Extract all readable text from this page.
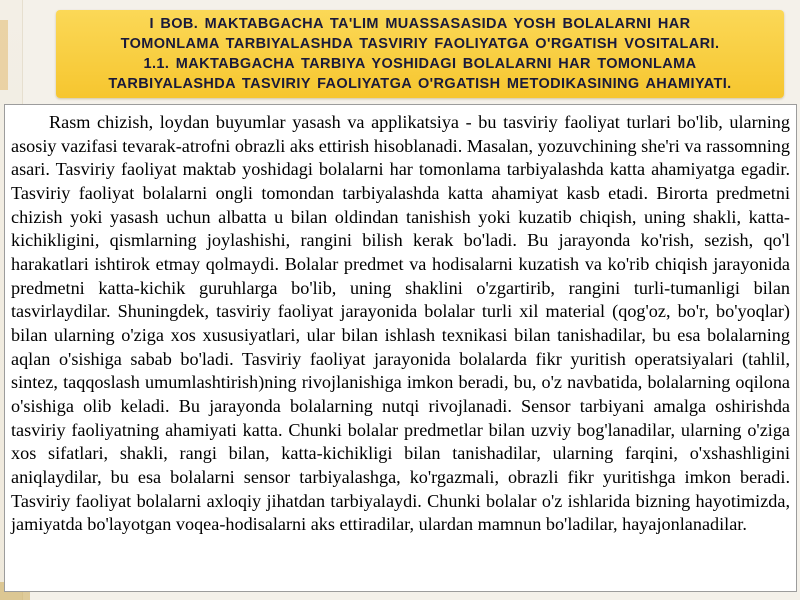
I BOB. MAKTABGACHA TA'LIM MUASSASASIDA YOSH BOLALARNI HAR
TOMONLAMA TARBIYALASHDA TASVIRIY FAOLIYATGA O'RGATISH VOSITALARI.
1.1. MAKTABGACHA TARBIYA YOSHIDAGI BOLALARNI HAR TOMONLAMA
TARBIYALASHDA TASVIRIY FAOLIYATGA O'RGATISH METODIKASINING AHAMIYATI.

Rasm chizish, loydan buyumlar yasash va applikatsiya - bu tasviriy faoliyat turlari bo'lib, ularning asosiy vazifasi tevarak-atrofni obrazli aks ettirish hisoblanadi. Masalan, yozuvchining she'ri va rassomning asari. Tasviriy faoliyat maktab yoshidagi bolalarni har tomonlama tarbiyalashda katta ahamiyatga egadir. Tasviriy faoliyat bolalarni ongli tomondan tarbiyalashda katta ahamiyat kasb etadi. Birorta predmetni chizish yoki yasash uchun albatta u bilan oldindan tanishish yoki kuzatib chiqish, uning shakli, katta-kichikligini, qismlarning joylashishi, rangini bilish kerak bo'ladi. Bu jarayonda ko'rish, sezish, qo'l harakatlari ishtirok etmay qolmaydi. Bolalar predmet va hodisalarni kuzatish va ko'rib chiqish jarayonida predmetni katta-kichik guruhlarga bo'lib, uning shaklini o'zgartirib, rangini turli-tumanligi bilan tasvirlaydilar. Shuningdek, tasviriy faoliyat jarayonida bolalar turli xil material (qog'oz, bo'r, bo'yoqlar) bilan ularning o'ziga xos xususiyatlari, ular bilan ishlash texnikasi bilan tanishadilar, bu esa bolalarning aqlan o'sishiga sabab bo'ladi. Tasviriy faoliyat jarayonida bolalarda fikr yuritish operatsiyalari (tahlil, sintez, taqqoslash umumlashtirish)ning rivojlanishiga imkon beradi, bu, o'z navbatida, bolalarning oqilona o'sishiga olib keladi. Bu jarayonda bolalarning nutqi rivojlanadi. Sensor tarbiyani amalga oshirishda tasviriy faoliyatning ahamiyati katta. Chunki bolalar predmetlar bilan uzviy bog'lanadilar, ularning o'ziga xos sifatlari, shakli, rangi bilan, katta-kichikligi bilan tanishadilar, ularning farqini, o'xshashligini aniqlaydilar, bu esa bolalarni sensor tarbiyalashga, ko'rgazmali, obrazli fikr yuritishga imkon beradi. Tasviriy faoliyat bolalarni axloqiy jihatdan tarbiyalaydi. Chunki bolalar o'z ishlarida bizning hayotimizda, jamiyatda bo'layotgan voqea-hodisalarni aks ettiradilar, ulardan mamnun bo'ladilar, hayajonlanadilar.
